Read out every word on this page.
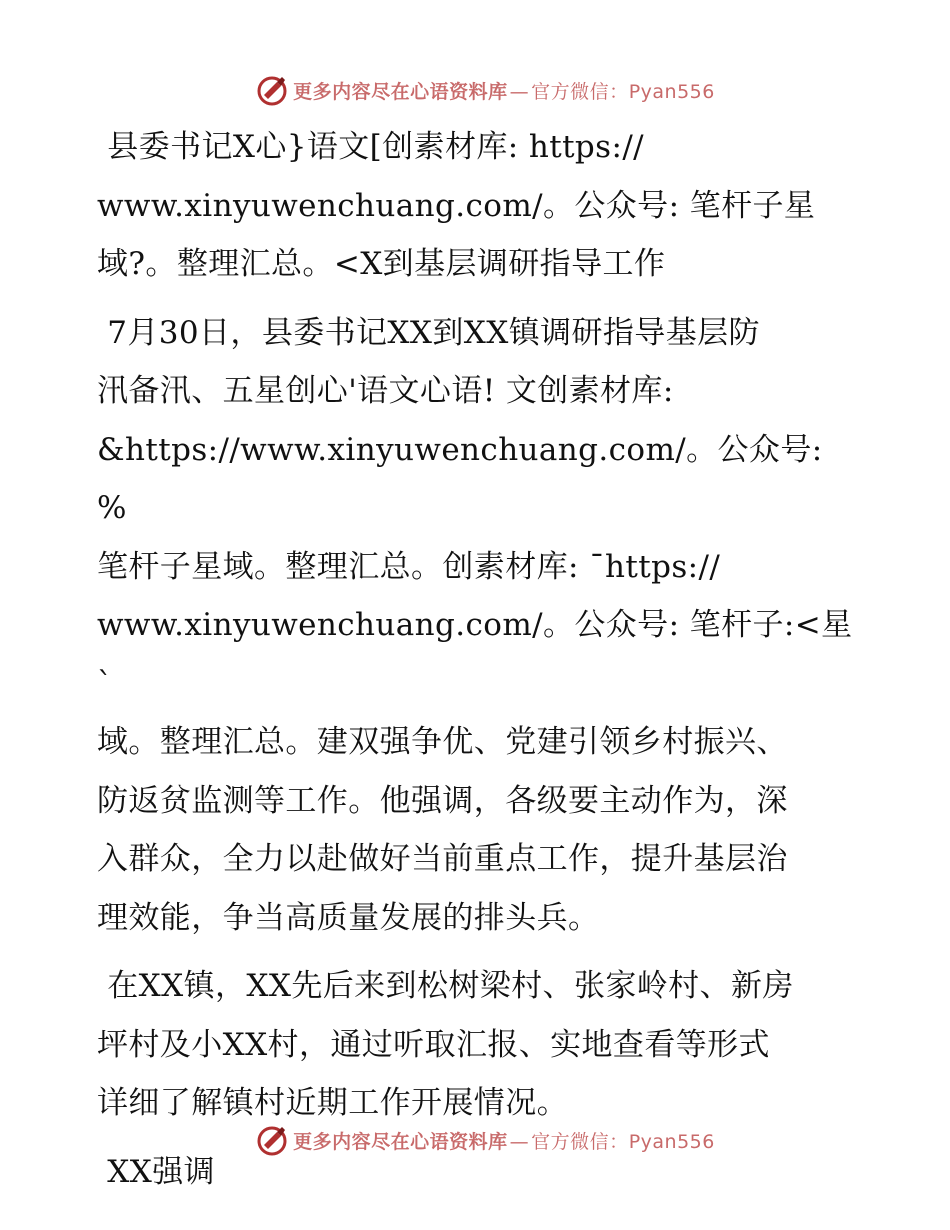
更多内容尽在心语资料库 — 官方微信：Pyan556

县委书记X心}语文[创素材库: https://
www.xinyuwenchuang.com/。公众号: 笔杆子星
域?。整理汇总。<X到基层调研指导工作

7月30日，县委书记XX到XX镇调研指导基层防
汛备汛、五星创心'语文心语! 文创素材库:
&https://www.xinyuwenchuang.com/。公众号: %
笔杆子星域。整理汇总。创素材库: ¯https://
www.xinyuwenchuang.com/。公众号: 笔杆子:<星`
域。整理汇总。建双强争优、党建引领乡村振兴、
防返贫监测等工作。他强调，各级要主动作为，深
入群众，全力以赴做好当前重点工作，提升基层治
理效能，争当高质量发展的排头兵。

在XX镇，XX先后来到松树梁村、张家岭村、新房
坪村及小XX村，通过听取汇报、实地查看等形式
详细了解镇村近期工作开展情况。

XX强调

更多内容尽在心语资料库 — 官方微信：Pyan556
